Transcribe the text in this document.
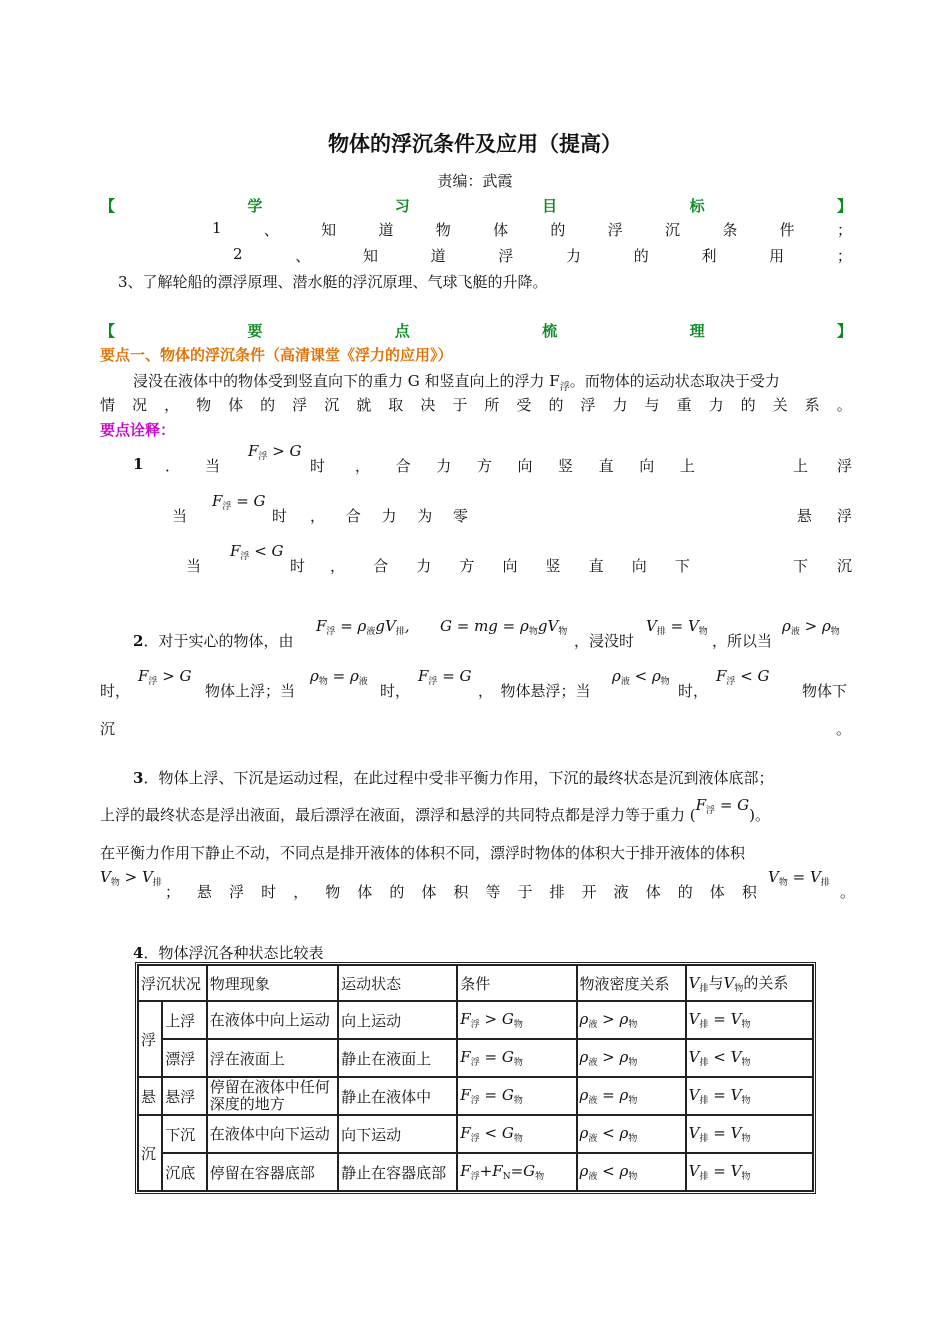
物体的浮沉条件及应用（提高）
责编：武霞
【	学	习	目	标	】
1	、	知	道	物	体	的	浮	沉	条	件	；
2	、	知	道	浮	力	的	利	用	；
3、了解轮船的漂浮原理、潜水艇的浮沉原理、气球飞艇的升降。
【	要	点	梳	理	】
要点一、物体的浮沉条件（高清课堂《浮力的应用》）
浸没在液体中的物体受到竖直向下的重力 G 和竖直向上的浮力 $F_浮$。而物体的运动状态取决于受力
情 况 ， 物 体 的 浮 沉 就 取 决 于 所 受 的 浮 力 与 重 力 的 关 系 。
要点诠释：
1 ． 当
$F_浮 > G$
时 ， 合 力 方 向 竖 直 向 上	上 浮
当
$F_浮 = G$
时 ， 合 力 为 零	悬 浮
当
$F_浮 < G$
时 ， 合 力 方 向 竖 直 向 下	下 沉
2．对于实心的物体，由
$F_浮 = \rho_液gV_排$, G = mg = $\rho_物gV_物$ ，浸没时
$V_排 = V_物$ ，所以当
$\rho_液 > \rho_物$
时，
$F_浮 > G$
物体上浮；当
$\rho_物 = \rho_液$ 时，
$F_浮 = G$
，　物体悬浮；当
$\rho_液 < \rho_物$ 时，
$F_浮 < G$
物体下
沉	。
3．物体上浮、下沉是运动过程，在此过程中受非平衡力作用，下沉的最终状态是沉到液体底部；
上浮的最终状态是浮出液面，最后漂浮在液面，漂浮和悬浮的共同特点都是浮力等于重力 $(F_浮 = G)$。
在平衡力作用下静止不动，不同点是排开液体的体积不同，漂浮时物体的体积大于排开液体的体积
$V_物 > V_排$ ； 悬 浮 时 ， 物 体 的 体 积 等 于 排 开 液 体 的 体 积
$V_物 = V_排$ 。
4．物体浮沉各种状态比较表
浮沉状况		物理现象	运动状态	条件	物液密度关系	$V_排$与$V_物$的关系
浮	上浮	在液体中向上运动	向上运动	$F_浮 > G_物$	$\rho_液 > \rho_物$	$V_排 = V_物$
	漂浮	浮在液面上	静止在液面上	$F_浮 = G_物$	$\rho_液 > \rho_物$	$V_排 < V_物$
悬	悬浮	停留在液体中任何深度的地方	静止在液体中	$F_浮 = G_物$	$\rho_液 = \rho_物$	$V_排 = V_物$
沉	下沉	在液体中向下运动	向下运动	$F_浮 < G_物$	$\rho_液 < \rho_物$	$V_排 = V_物$
	沉底	停留在容器底部	静止在容器底部	$F_浮+F_N=G_物$	$\rho_液 < \rho_物$	$V_排 = V_物$
